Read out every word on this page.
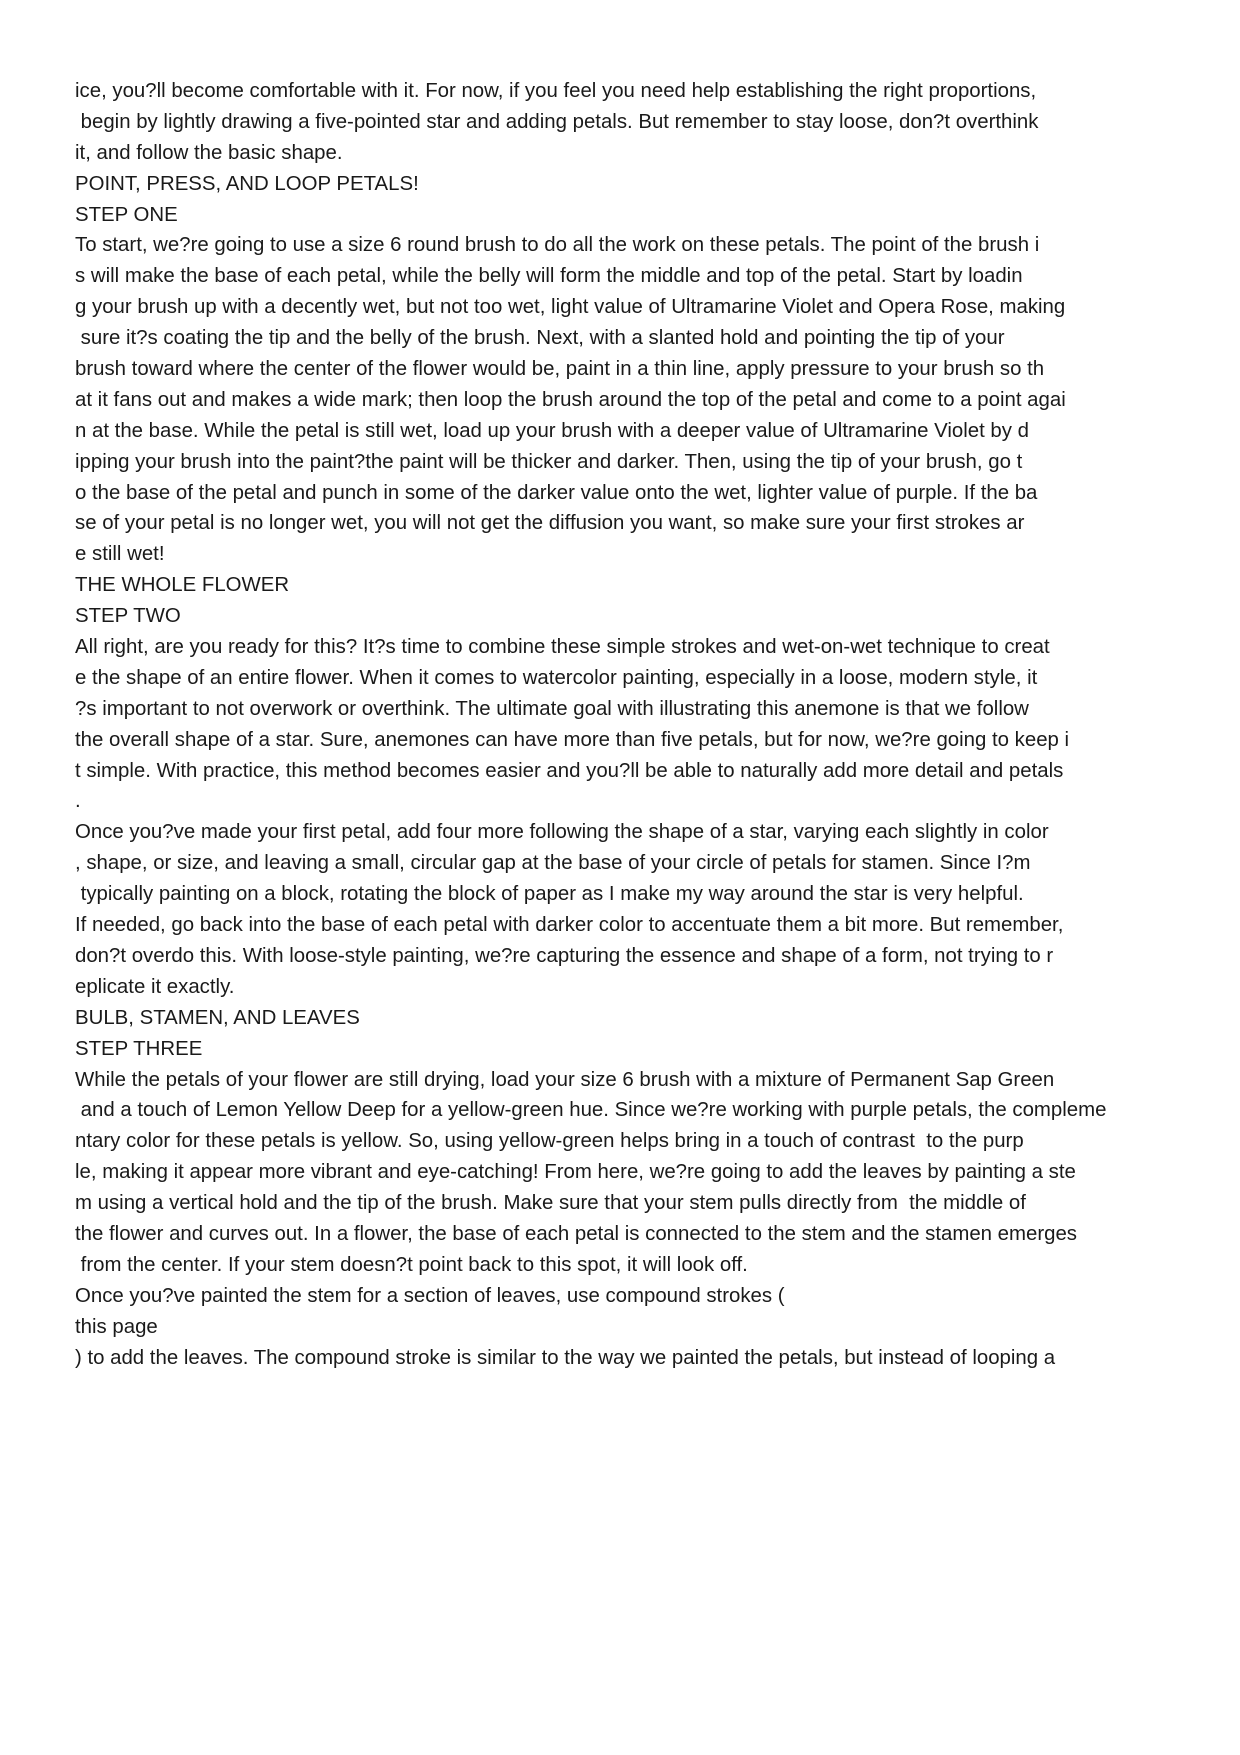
ice, you?ll become comfortable with it. For now, if you feel you need help establishing the right proportions,
begin by lightly drawing a five-pointed star and adding petals. But remember to stay loose, don?t overthink
it, and follow the basic shape.
POINT, PRESS, AND LOOP PETALS!
STEP ONE
To start, we?re going to use a size 6 round brush to do all the work on these petals. The point of the brush i
s will make the base of each petal, while the belly will form the middle and top of the petal. Start by loadin
g your brush up with a decently wet, but not too wet, light value of Ultramarine Violet and Opera Rose, making
sure it?s coating the tip and the belly of the brush. Next, with a slanted hold and pointing the tip of your
brush toward where the center of the flower would be, paint in a thin line, apply pressure to your brush so th
at it fans out and makes a wide mark; then loop the brush around the top of the petal and come to a point agai
n at the base. While the petal is still wet, load up your brush with a deeper value of Ultramarine Violet by d
ipping your brush into the paint?the paint will be thicker and darker. Then, using the tip of your brush, go t
o the base of the petal and punch in some of the darker value onto the wet, lighter value of purple. If the ba
se of your petal is no longer wet, you will not get the diffusion you want, so make sure your first strokes ar
e still wet!
THE WHOLE FLOWER
STEP TWO
All right, are you ready for this? It?s time to combine these simple strokes and wet-on-wet technique to creat
e the shape of an entire flower. When it comes to watercolor painting, especially in a loose, modern style, it
?s important to not overwork or overthink. The ultimate goal with illustrating this anemone is that we follow
the overall shape of a star. Sure, anemones can have more than five petals, but for now, we?re going to keep i
t simple. With practice, this method becomes easier and you?ll be able to naturally add more detail and petals
.
Once you?ve made your first petal, add four more following the shape of a star, varying each slightly in color
, shape, or size, and leaving a small, circular gap at the base of your circle of petals for stamen. Since I?m
typically painting on a block, rotating the block of paper as I make my way around the star is very helpful.
If needed, go back into the base of each petal with darker color to accentuate them a bit more. But remember,
don?t overdo this. With loose-style painting, we?re capturing the essence and shape of a form, not trying to r
eplicate it exactly.
BULB, STAMEN, AND LEAVES
STEP THREE
While the petals of your flower are still drying, load your size 6 brush with a mixture of Permanent Sap Green
and a touch of Lemon Yellow Deep for a yellow-green hue. Since we?re working with purple petals, the compleme
ntary color for these petals is yellow. So, using yellow-green helps bring in a touch of contrast  to the purp
le, making it appear more vibrant and eye-catching! From here, we?re going to add the leaves by painting a ste
m using a vertical hold and the tip of the brush. Make sure that your stem pulls directly from  the middle of
the flower and curves out. In a flower, the base of each petal is connected to the stem and the stamen emerges
from the center. If your stem doesn?t point back to this spot, it will look off.
Once you?ve painted the stem for a section of leaves, use compound strokes (
this page
) to add the leaves. The compound stroke is similar to the way we painted the petals, but instead of looping a
